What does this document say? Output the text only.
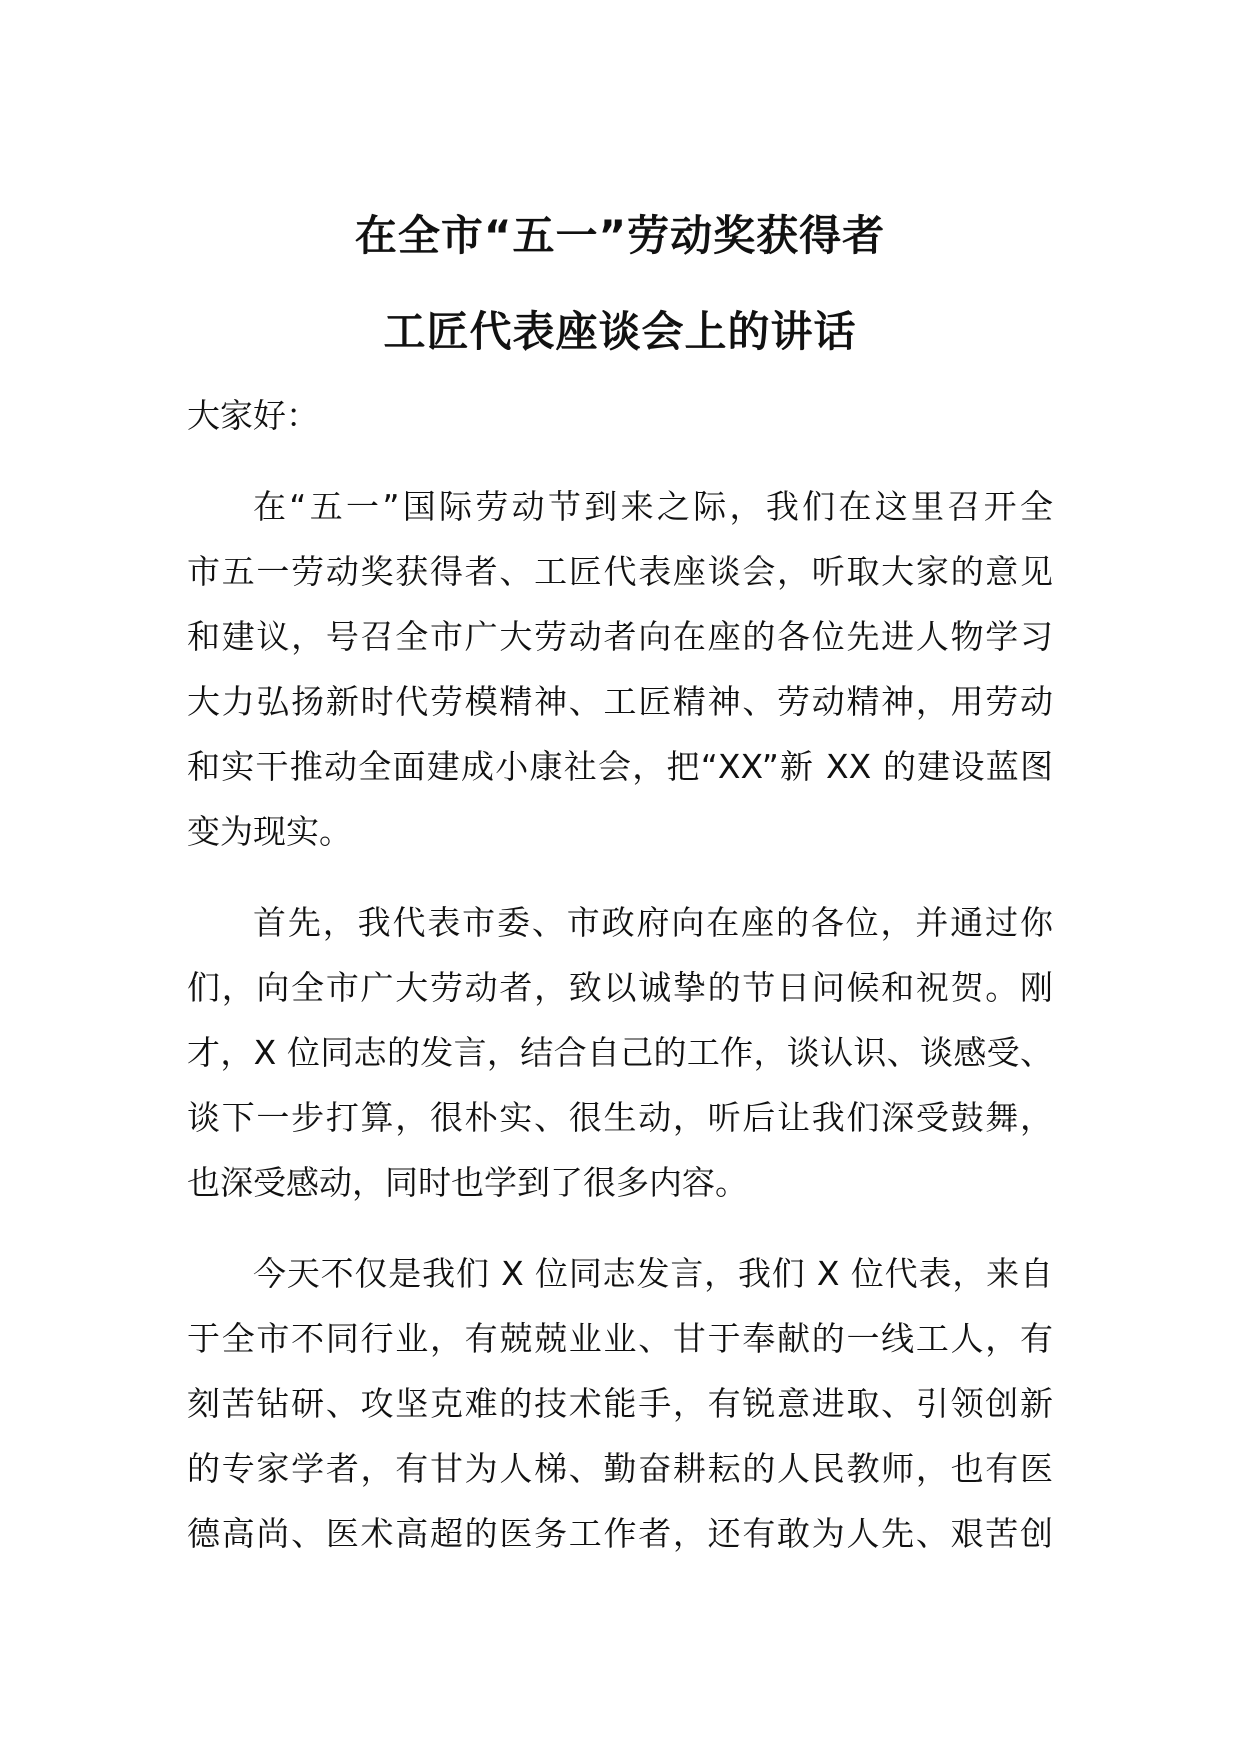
在全市“五一”劳动奖获得者
工匠代表座谈会上的讲话
大家好：
在“五一”国际劳动节到来之际，我们在这里召开全
市五一劳动奖获得者、工匠代表座谈会，听取大家的意见
和建议，号召全市广大劳动者向在座的各位先进人物学习
大力弘扬新时代劳模精神、工匠精神、劳动精神，用劳动
和实干推动全面建成小康社会，把“XX”新 XX 的建设蓝图
变为现实。
首先，我代表市委、市政府向在座的各位，并通过你
们，向全市广大劳动者，致以诚挚的节日问候和祝贺。刚
才，X 位同志的发言，结合自己的工作，谈认识、谈感受、
谈下一步打算，很朴实、很生动，听后让我们深受鼓舞，
也深受感动，同时也学到了很多内容。
今天不仅是我们 X 位同志发言，我们 X 位代表，来自
于全市不同行业，有兢兢业业、甘于奉献的一线工人，有
刻苦钻研、攻坚克难的技术能手，有锐意进取、引领创新
的专家学者，有甘为人梯、勤奋耕耘的人民教师，也有医
德高尚、医术高超的医务工作者，还有敢为人先、艰苦创
